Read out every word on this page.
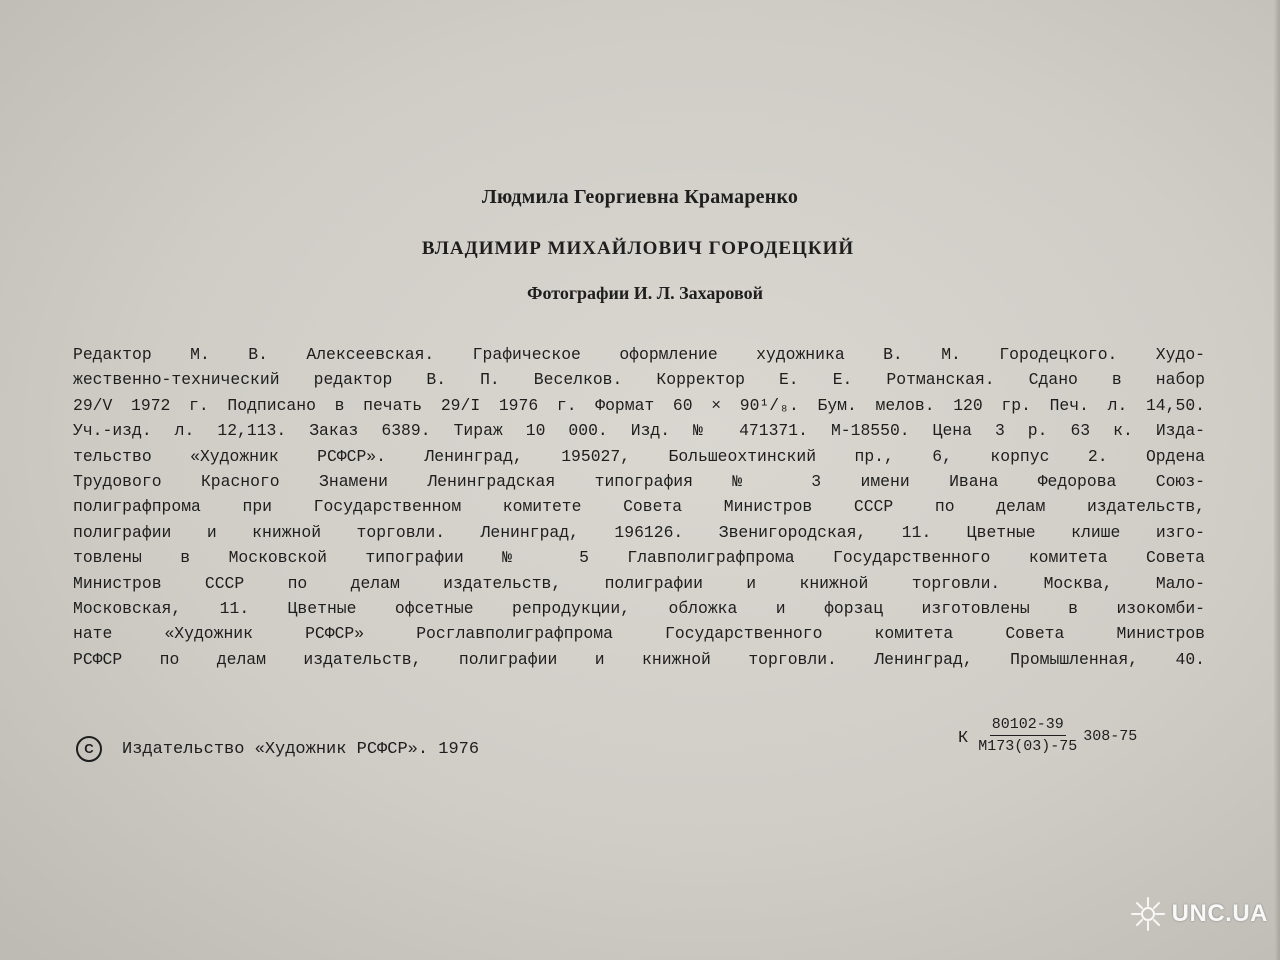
Людмила Георгиевна Крамаренко
ВЛАДИМИР МИХАЙЛОВИЧ ГОРОДЕЦКИЙ
Фотографии И. Л. Захаровой
Редактор М. В. Алексеевская. Графическое оформление художника В. М. Городецкого. Худо-
жественно-технический редактор В. П. Веселков. Корректор Е. Е. Ротманская. Сдано в набор
29/V 1972 г. Подписано в печать 29/I 1976 г. Формат 60 × 90¹/₈. Бум. мелов. 120 гр. Печ. л. 14,50.
Уч.-изд. л. 12,113. Заказ 6389. Тираж 10 000. Изд. № 471371. М-18550. Цена 3 р. 63 к. Изда-
тельство «Художник РСФСР». Ленинград, 195027, Большеохтинский пр., 6, корпус 2. Ордена
Трудового Красного Знамени Ленинградская типография № 3 имени Ивана Федорова Союз-
полиграфпрома при Государственном комитете Совета Министров СССР по делам издательств,
полиграфии и книжной торговли. Ленинград, 196126. Звенигородская, 11. Цветные клише изго-
товлены в Московской типографии № 5 Главполиграфпрома Государственного комитета Совета
Министров СССР по делам издательств, полиграфии и книжной торговли. Москва, Мало-
Московская, 11. Цветные офсетные репродукции, обложка и форзац изготовлены в изокомби-
нате «Художник РСФСР» Росглавполиграфпрома Государственного комитета Совета Министров
РСФСР по делам издательств, полиграфии и книжной торговли. Ленинград, Промышленная, 40.
C	Издательство «Художник РСФСР». 1976
К $\frac{80102-39}{М173(03)-75} 308-75$
UNC.UA
